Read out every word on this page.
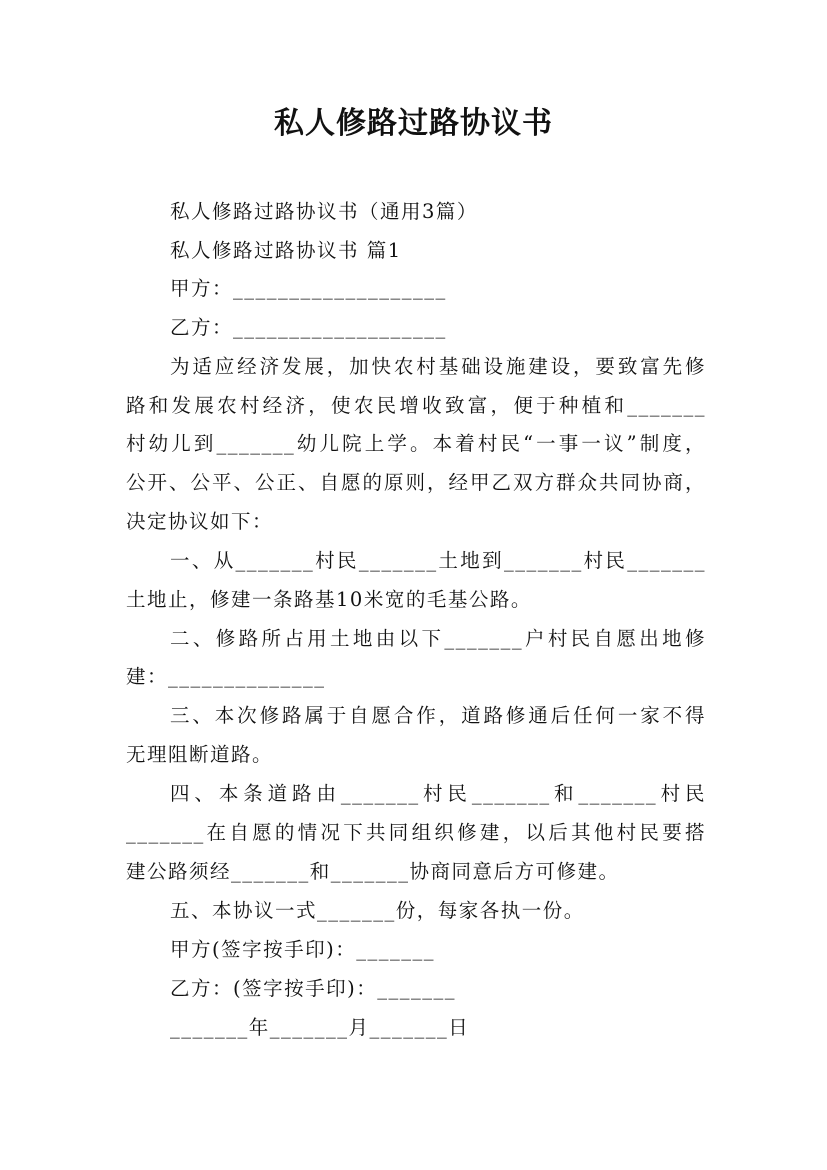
私人修路过路协议书
私人修路过路协议书（通用3篇）
私人修路过路协议书 篇1
甲方：___________________
乙方：___________________
为适应经济发展，加快农村基础设施建设，要致富先修
路和发展农村经济，使农民增收致富，便于种植和_______
村幼儿到_______幼儿院上学。本着村民“一事一议”制度，
公开、公平、公正、自愿的原则，经甲乙双方群众共同协商，
决定协议如下：
一、从_______村民_______土地到_______村民_______
土地止，修建一条路基10米宽的毛基公路。
二、修路所占用土地由以下_______户村民自愿出地修
建：______________
三、本次修路属于自愿合作，道路修通后任何一家不得
无理阻断道路。
四、本条道路由_______村民_______和_______村民
_______在自愿的情况下共同组织修建，以后其他村民要搭
建公路须经_______和_______协商同意后方可修建。
五、本协议一式_______份，每家各执一份。
甲方(签字按手印)：_______
乙方：(签字按手印)：_______
_______年_______月_______日
